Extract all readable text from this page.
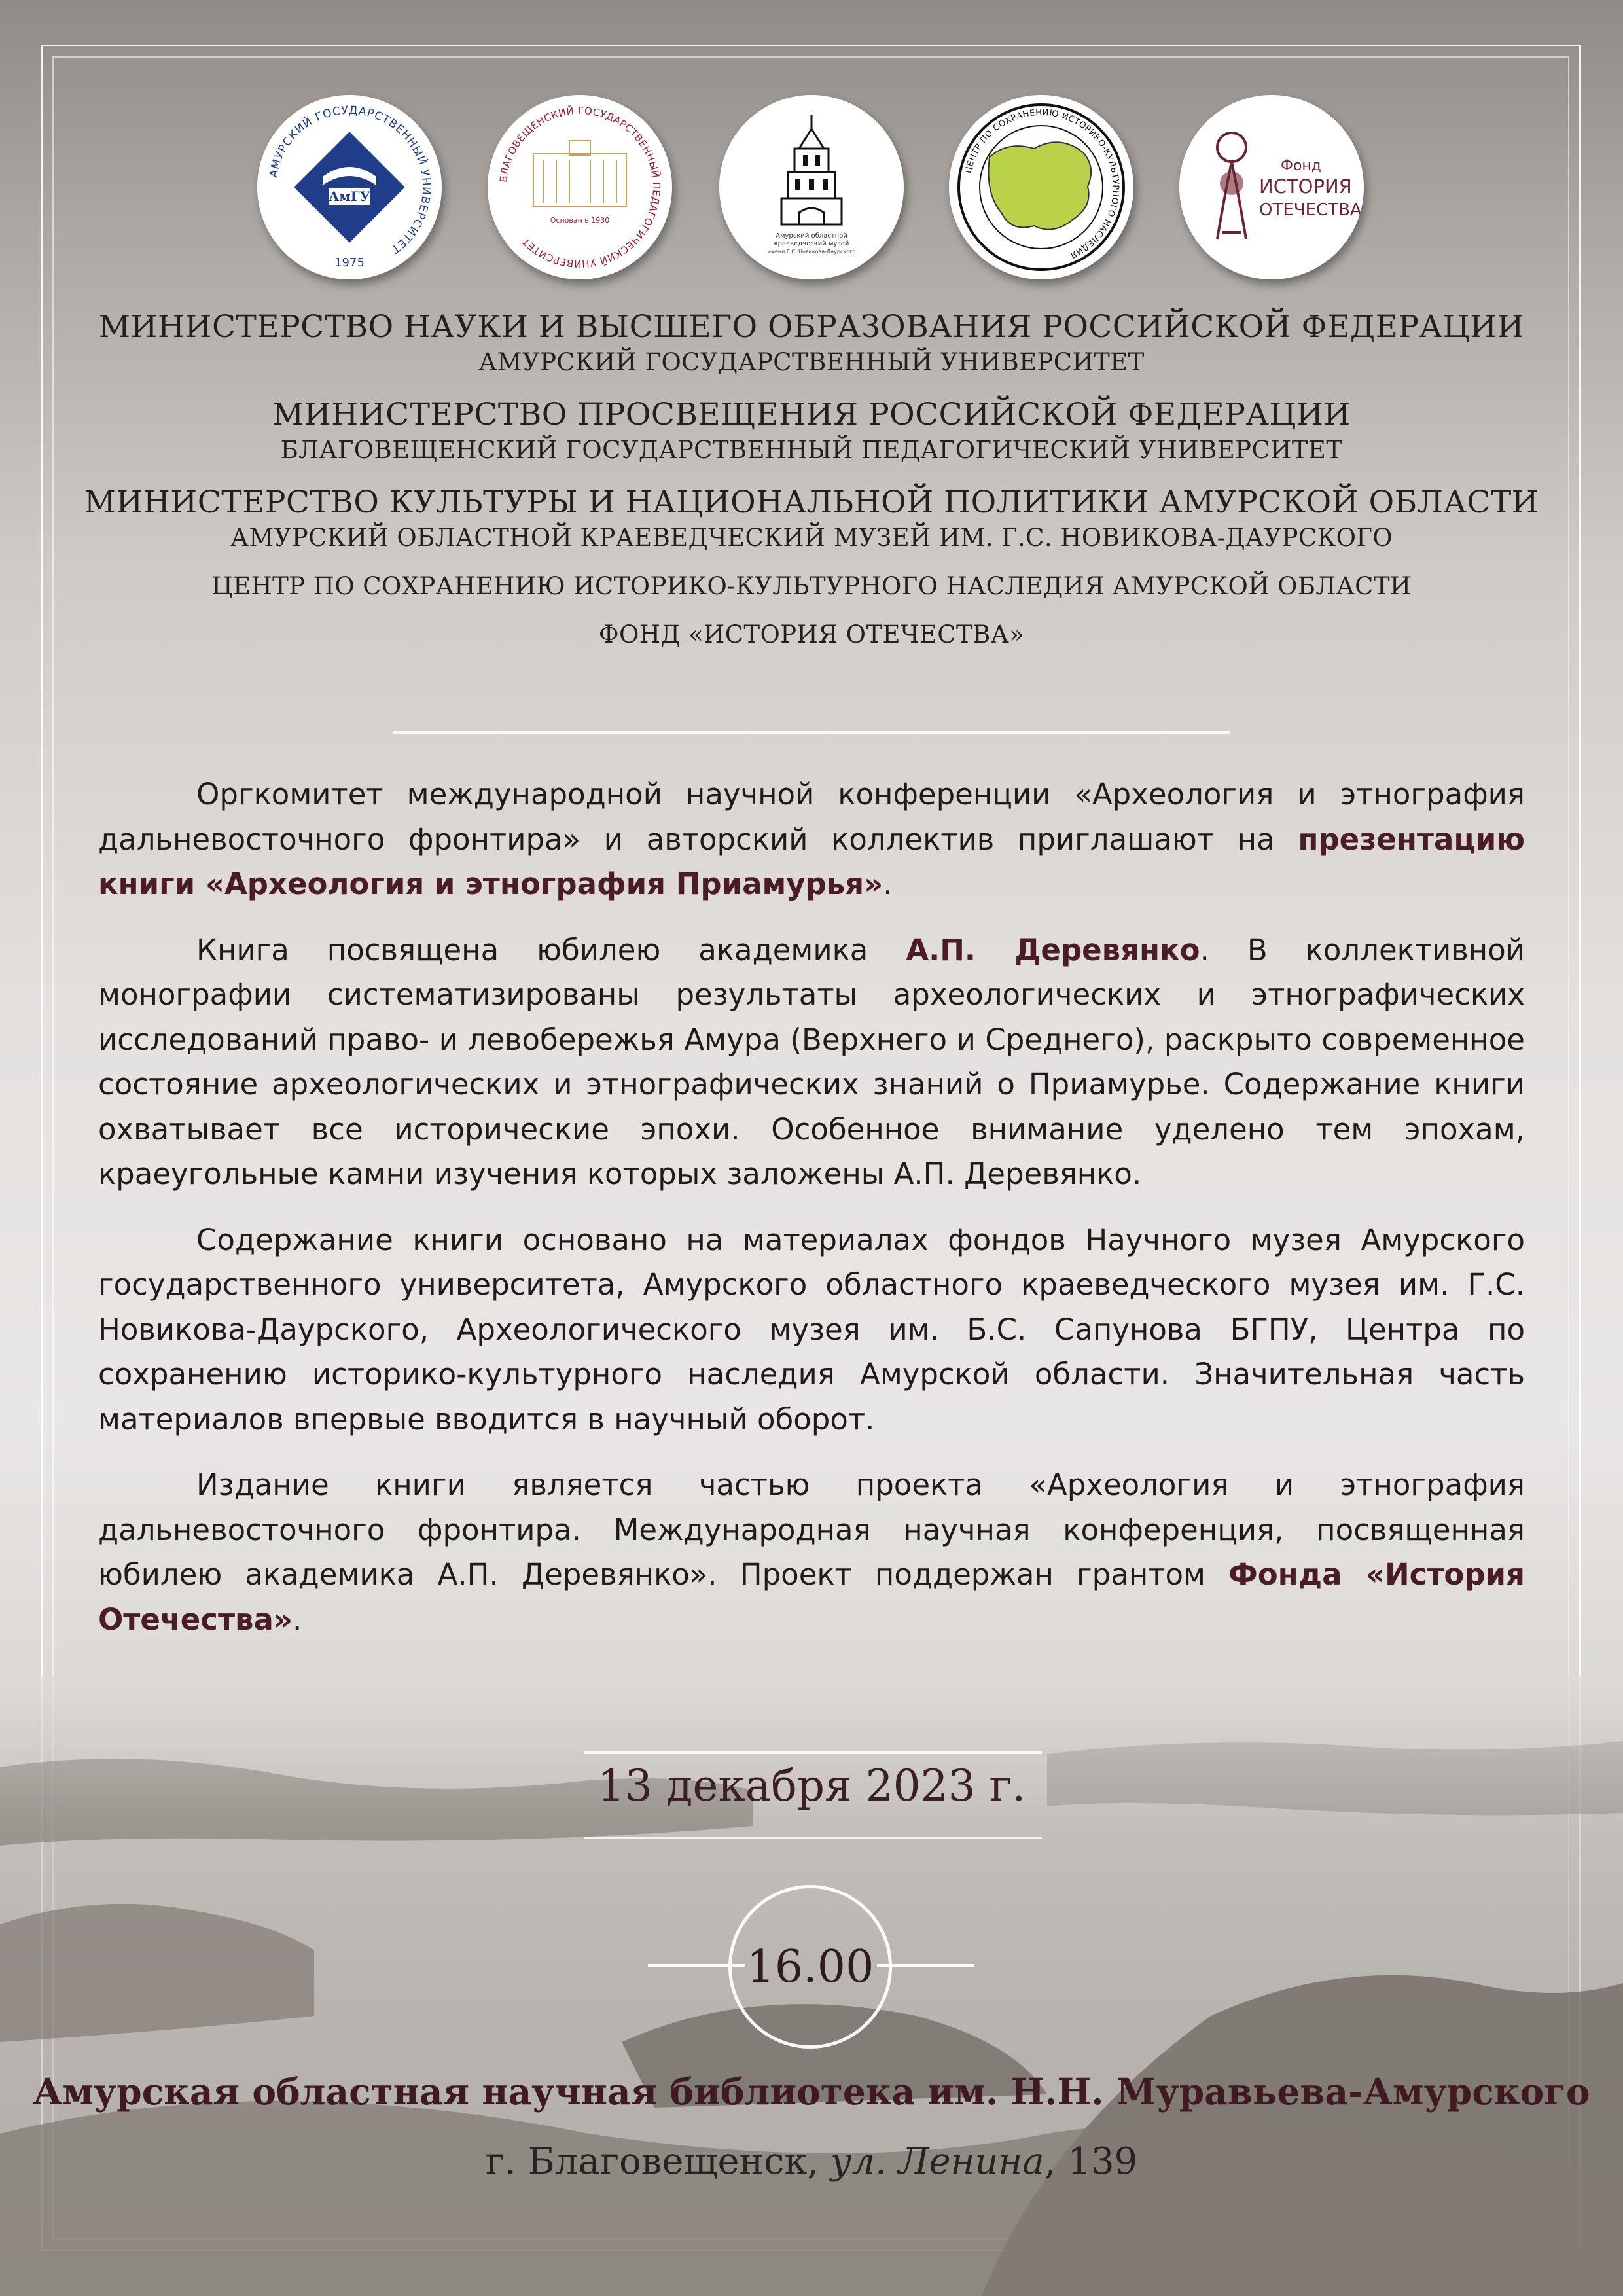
АМУРСКИЙ ГОСУДАРСТВЕННЫЙ УНИВЕРСИТЕТ
АмГУ
1975
БЛАГОВЕЩЕНСКИЙ ГОСУДАРСТВЕННЫЙ ПЕДАГОГИЧЕСКИЙ УНИВЕРСИТЕТ
Основан в 1930
Амурский областной
краеведческий музей
имени Г.С. Новикова-Даурского
ЦЕНТР ПО СОХРАНЕНИЮ ИСТОРИКО-КУЛЬТУРНОГО НАСЛЕДИЯ
Фонд
ИСТОРИЯ
ОТЕЧЕСТВА
МИНИСТЕРСТВО НАУКИ И ВЫСШЕГО ОБРАЗОВАНИЯ РОССИЙСКОЙ ФЕДЕРАЦИИ
АМУРСКИЙ ГОСУДАРСТВЕННЫЙ УНИВЕРСИТЕТ
МИНИСТЕРСТВО ПРОСВЕЩЕНИЯ РОССИЙСКОЙ ФЕДЕРАЦИИ
БЛАГОВЕЩЕНСКИЙ ГОСУДАРСТВЕННЫЙ ПЕДАГОГИЧЕСКИЙ УНИВЕРСИТЕТ
МИНИСТЕРСТВО КУЛЬТУРЫ И НАЦИОНАЛЬНОЙ ПОЛИТИКИ АМУРСКОЙ ОБЛАСТИ
АМУРСКИЙ ОБЛАСТНОЙ КРАЕВЕДЧЕСКИЙ МУЗЕЙ ИМ. Г.С. НОВИКОВА-ДАУРСКОГО
ЦЕНТР ПО СОХРАНЕНИЮ ИСТОРИКО-КУЛЬТУРНОГО НАСЛЕДИЯ АМУРСКОЙ ОБЛАСТИ
ФОНД «ИСТОРИЯ ОТЕЧЕСТВА»

Оргкомитет международной научной конференции «Археология и этнография дальневосточного фронтира» и авторский коллектив приглашают на презентацию книги «Археология и этнография Приамурья».

Книга посвящена юбилею академика А.П. Деревянко. В коллективной монографии систематизированы результаты археологических и этнографических исследований право- и левобережья Амура (Верхнего и Среднего), раскрыто современное состояние археологических и этнографических знаний о Приамурье. Содержание книги охватывает все исторические эпохи. Особенное внимание уделено тем эпохам, краеугольные камни изучения которых заложены А.П. Деревянко.

Содержание книги основано на материалах фондов Научного музея Амурского государственного университета, Амурского областного краеведческого музея им. Г.С. Новикова-Даурского, Археологического музея им. Б.С. Сапунова БГПУ, Центра по сохранению историко-культурного наследия Амурской области. Значительная часть материалов впервые вводится в научный оборот.

Издание книги является частью проекта «Археология и этнография дальневосточного фронтира. Международная научная конференция, посвященная юбилею академика А.П. Деревянко». Проект поддержан грантом Фонда «История Отечества».

13 декабря 2023 г.
16.00
Амурская областная научная библиотека им. Н.Н. Муравьева-Амурского
г. Благовещенск, ул. Ленина, 139
